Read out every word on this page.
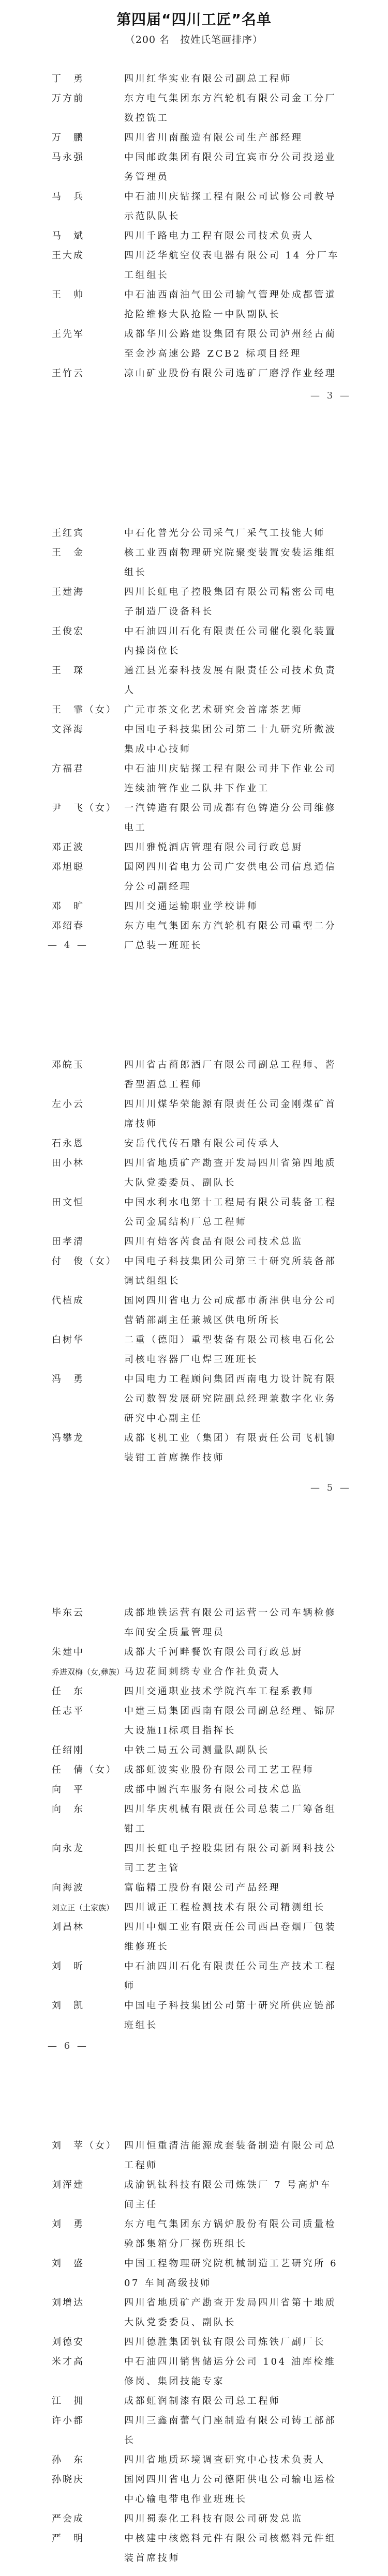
第四届“四川工匠”名单
（200 名　按姓氏笔画排序）
丁　勇	四川红华实业有限公司副总工程师
万方前	东方电气集团东方汽轮机有限公司金工分厂数控铣工
万　鹏	四川省川南酿造有限公司生产部经理
马永强	中国邮政集团有限公司宜宾市分公司投递业务管理员
马　兵	中石油川庆钻探工程有限公司试修公司教导示范队队长
马　斌	四川千路电力工程有限公司技术负责人
王大成	四川泛华航空仪表电器有限公司 14 分厂车工组组长
王　帅	中石油西南油气田公司输气管理处成都管道抢险维修大队抢险一中队副队长
王先军	成都华川公路建设集团有限公司泸州经古蔺至金沙高速公路 ZCB2 标项目经理
王竹云	凉山矿业股份有限公司选矿厂磨浮作业经理
— 3 —
王红宾	中石化普光分公司采气厂采气工技能大师
王　金	核工业西南物理研究院聚变装置安装运维组组长
王建海	四川长虹电子控股集团有限公司精密公司电子制造厂设备科长
王俊宏	中石油四川石化有限责任公司催化裂化装置内操岗位长
王　琛	通江县光泰科技发展有限责任公司技术负责人
王　霏（女） 广元市茶文化艺术研究会首席茶艺师
文泽海	中国电子科技集团公司第二十九研究所微波集成中心技师
方福君	中石油川庆钻探工程有限公司井下作业公司连续油管作业二队井下作业工
尹　飞（女） 一汽铸造有限公司成都有色铸造分公司维修电工
邓正波	四川雅悦酒店管理有限公司行政总厨
邓旭聪	国网四川省电力公司广安供电公司信息通信分公司副经理
邓　旷	四川交通运输职业学校讲师
邓绍春	东方电气集团东方汽轮机有限公司重型二分厂总装一班班长
— 4 —
邓皖玉	四川省古蔺郎酒厂有限公司副总工程师、酱香型酒总工程师
左小云	四川川煤华荣能源有限责任公司金刚煤矿首席技师
石永恩	安岳代代传石雕有限公司传承人
田小林	四川省地质矿产勘查开发局四川省第四地质大队党委委员、副队长
田文恒	中国水利水电第十工程局有限公司装备工程公司金属结构厂总工程师
田孝清	四川有焙客芮食品有限公司技术总监
付　俊（女） 中国电子科技集团公司第三十研究所装备部调试组组长
代植成	国网四川省电力公司成都市新津供电分公司营销部副主任兼城区供电所所长
白树华	二重（德阳）重型装备有限公司核电石化公司核电容器厂电焊三班班长
冯　勇	中国电力工程顾问集团西南电力设计院有限公司数智发展研究院副总经理兼数字化业务研究中心副主任
冯攀龙	成都飞机工业（集团）有限责任公司飞机铆装钳工首席操作技师
— 5 —
毕东云	成都地铁运营有限公司运营一公司车辆检修车间安全质量管理员
朱建中	成都大千河畔餐饮有限公司行政总厨
乔进双梅（女,彝族） 马边花间刺绣专业合作社负责人
任　东	四川交通职业技术学院汽车工程系教师
任志平	中建三局集团西南有限公司副总经理、锦屏大设施II标项目指挥长
任绍刚	中铁二局五公司测量队副队长
任　倩（女） 成都虹波实业股份有限公司工艺工程师
向　平	成都中圆汽车服务有限公司技术总监
向　东	四川华庆机械有限责任公司总装二厂筹备组钳工
向永龙	四川长虹电子控股集团有限公司新网科技公司工艺主管
向海波	富临精工股份有限公司产品经理
刘立正（土家族）	四川诚正工程检测技术有限公司精测组长
刘昌林	四川中烟工业有限责任公司西昌卷烟厂包装维修班长
刘　昕	中石油四川石化有限责任公司生产技术工程师
刘　凯	中国电子科技集团公司第十研究所供应链部班组长
— 6 —
刘　苹（女） 四川恒重清洁能源成套装备制造有限公司总工程师
刘浑建	成渝钒钛科技有限公司炼铁厂 7 号高炉车间主任
刘　勇	东方电气集团东方锅炉股份有限公司质量检验部集箱分厂探伤班组长
刘　盛	中国工程物理研究院机械制造工艺研究所 607 车间高级技师
刘增达	四川省地质矿产勘查开发局四川省第十地质大队党委委员、副队长
刘德安	四川德胜集团钒钛有限公司炼铁厂副厂长
米才高	中石油四川销售储运分公司 104 油库检维修岗、集团技能专家
江　拥	成都虹润制漆有限公司总工程师
许小都	四川三鑫南蕾气门座制造有限公司铸工部部长
孙　东	四川省地质环境调查研究中心技术负责人
孙晓庆	国网四川省电力公司德阳供电公司输电运检中心输电带电作业班班长
严会成	四川蜀泰化工科技有限公司研发总监
严　明	中核建中核燃料元件有限公司核燃料元件组装首席技师
